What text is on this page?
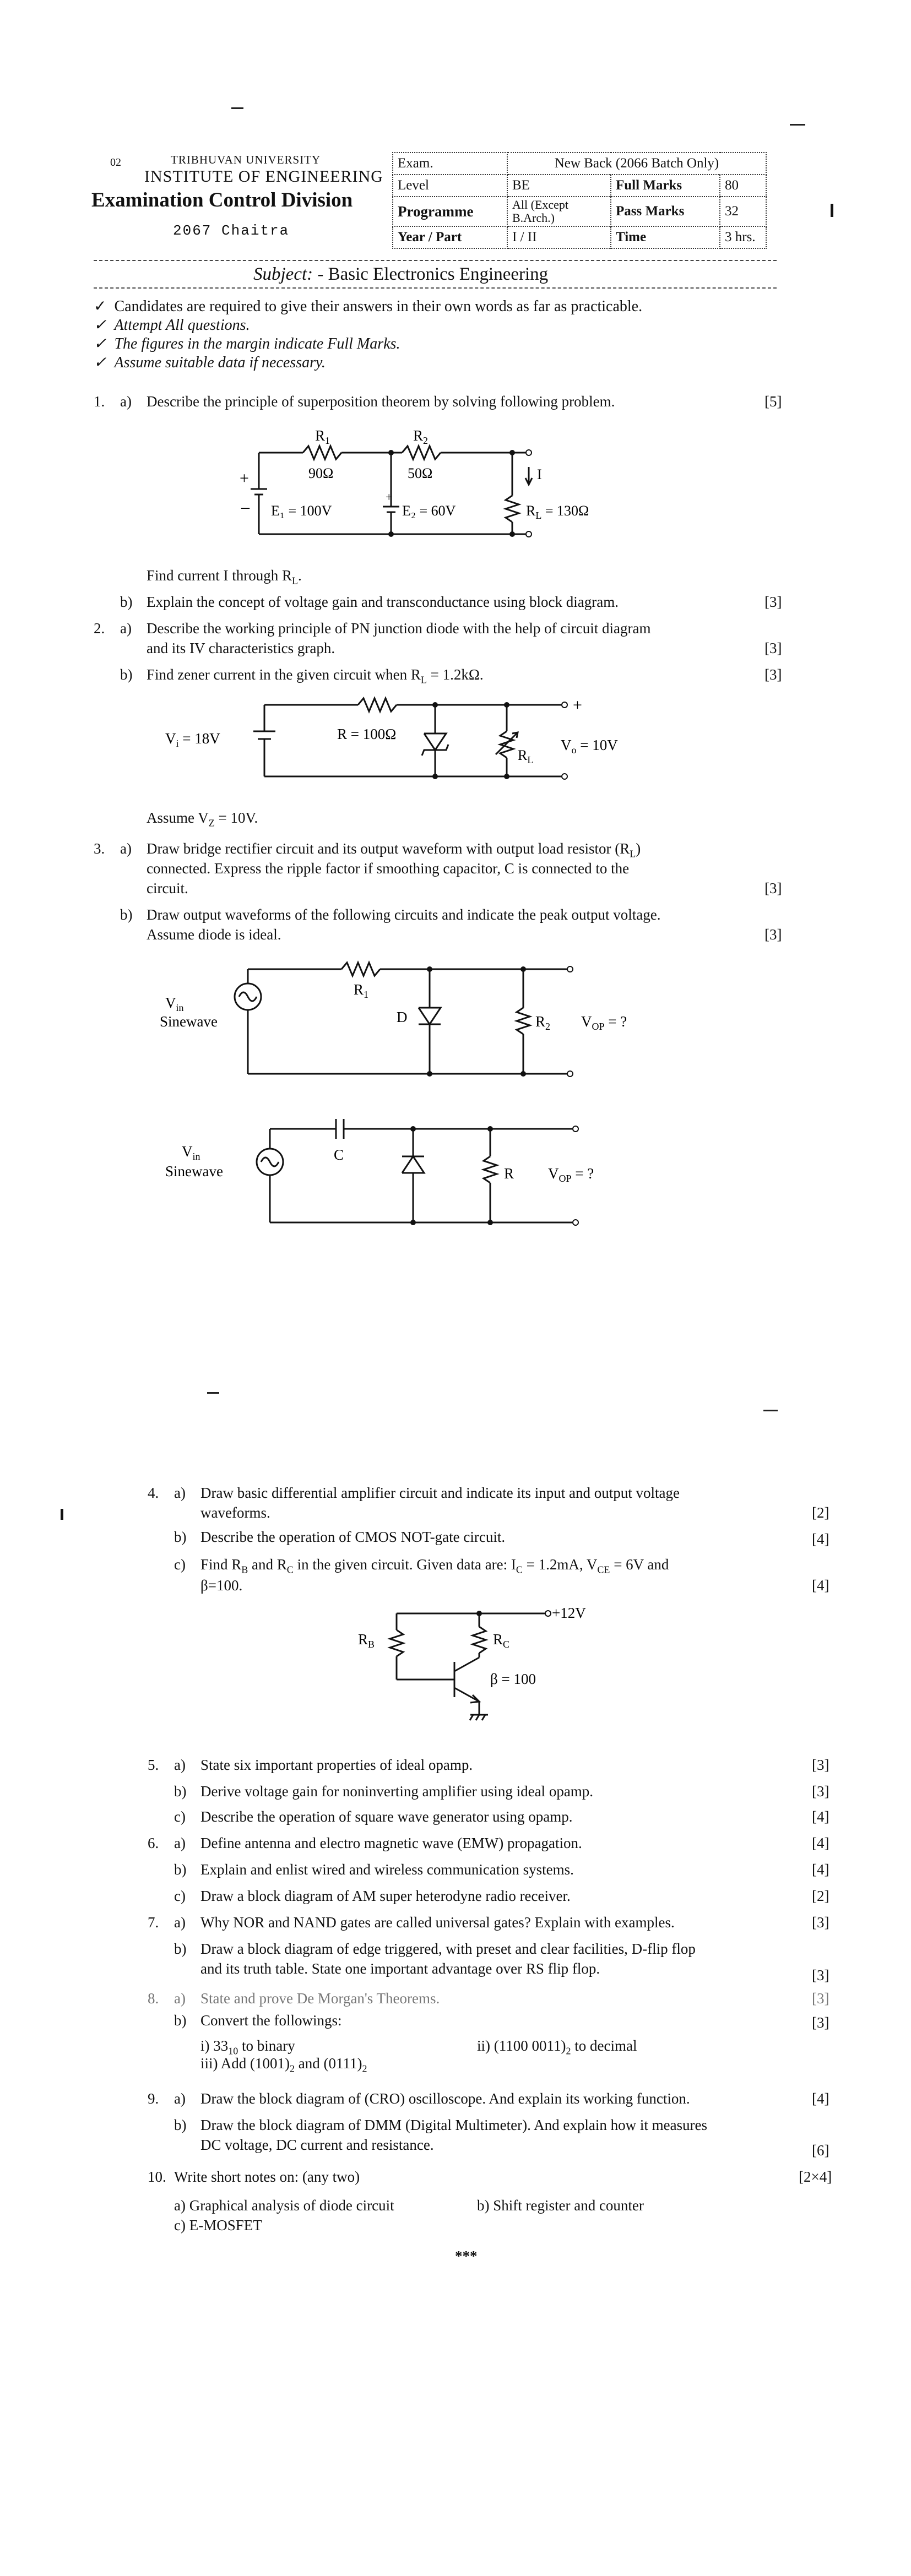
02	TRIBHUVAN UNIVERSITY
INSTITUTE OF ENGINEERING
Examination Control Division
2067 Chaitra
Exam.	New Back (2066 Batch Only)		
Level	BE	Full Marks	80
Programme	All (Except
B.Arch.)	Pass Marks	32
Year / Part	I / II	Time	3 hrs.
Subject: - Basic Electronics Engineering
✓  Candidates are required to give their answers in their own words as far as practicable.
✓  Attempt All questions.
✓  The figures in the margin indicate Full Marks.
✓  Assume suitable data if necessary.
1. a) Describe the principle of superposition theorem by solving following problem.	[5]
$R_1$
90Ω
$R_2$
50Ω
+
– E₁ = 100V
+
E₂ = 60V
I
$R_L = 130\Omega$
Find current I through $R_L$.
b) Explain the concept of voltage gain and transconductance using block diagram.	[3]
2. a) Describe the working principle of PN junction diode with the help of circuit diagram
and its IV characteristics graph.	[3]
b) Find zener current in the given circuit when $R_L = 1.2k\Omega$.	[3]
$V_i = 18V$	R = 100Ω
$R_L$
+
$V_o = 10V$
Assume $V_Z = 10V$.
3. a) Draw bridge rectifier circuit and its output waveform with output load resistor $(R_L)$
connected. Express the ripple factor if smoothing capacitor, C is connected to the
circuit.	[3]
b) Draw output waveforms of the following circuits and indicate the peak output voltage.
Assume diode is ideal.	[3]
$V_{in}$
Sinewave
$R_1$
D	$R_2$ $V_{OP}$ = ?
$V_{in}$
Sinewave
C
R $V_{OP}$ = ?
4. a) Draw basic differential amplifier circuit and indicate its input and output voltage
waveforms.	[2]
b) Describe the operation of CMOS NOT-gate circuit.	[4]
c) Find $R_B$ and $R_C$ in the given circuit. Given data are: $I_C = 1.2mA$, $V_{CE} = 6V$ and
β=100.	[4]
+12V
$R_B$	$R_C$
β = 100
5. a) State six important properties of ideal opamp.	[3]
b) Derive voltage gain for noninverting amplifier using ideal opamp.	[3]
c) Describe the operation of square wave generator using opamp.	[4]
6. a) Define antenna and electro magnetic wave (EMW) propagation.	[4]
b) Explain and enlist wired and wireless communication systems.	[4]
c) Draw a block diagram of AM super heterodyne radio receiver.	[2]
7. a) Why NOR and NAND gates are called universal gates? Explain with examples.	[3]
b) Draw a block diagram of edge triggered, with preset and clear facilities, D-flip flop
and its truth table. State one important advantage over RS flip flop.	[3]
8. a) State and prove De Morgan's Theorems.	[3]
b) Convert the followings:	[3]
i) $33_{10}$ to binary	ii) (1100 $0011)_2$ to decimal
iii) Add $(1001)_2$ and $(0111)_2$
9. a) Draw the block diagram of (CRO) oscilloscope. And explain its working function.	[4]
b) Draw the block diagram of DMM (Digital Multimeter). And explain how it measures
DC voltage, DC current and resistance.	[6]
10. Write short notes on: (any two)	[2×4]
a) Graphical analysis of diode circuit	b) Shift register and counter
c) E-MOSFET
***
